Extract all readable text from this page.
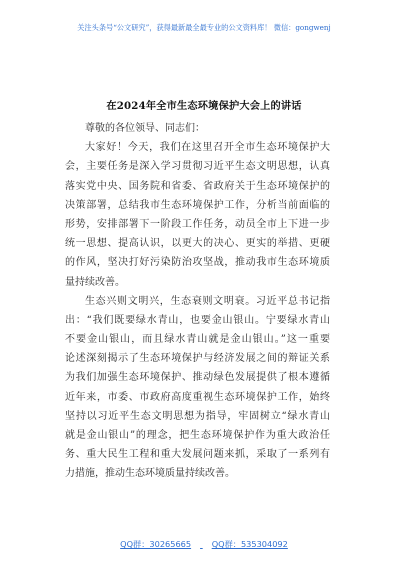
关注头条号“公文研究”，获得最新最全最专业的公文资料库！ 微信：gongwenj
在2024年全市生态环境保护大会上的讲话
尊敬的各位领导、同志们：
大家好！今天，我们在这里召开全市生态环境保护大
会，主要任务是深入学习贯彻习近平生态文明思想，认真
落实党中央、国务院和省委、省政府关于生态环境保护的
决策部署，总结我市生态环境保护工作，分析当前面临的
形势，安排部署下一阶段工作任务，动员全市上下进一步
统一思想、提高认识，以更大的决心、更实的举措、更硬
的作风，坚决打好污染防治攻坚战，推动我市生态环境质
量持续改善。
生态兴则文明兴，生态衰则文明衰。习近平总书记指
出：“我们既要绿水青山，也要金山银山。宁要绿水青山
不要金山银山，而且绿水青山就是金山银山。”这一重要
论述深刻揭示了生态环境保护与经济发展之间的辩证关系
为我们加强生态环境保护、推动绿色发展提供了根本遵循
近年来，市委、市政府高度重视生态环境保护工作，始终
坚持以习近平生态文明思想为指导，牢固树立“绿水青山
就是金山银山”的理念，把生态环境保护作为重大政治任
务、重大民生工程和重大发展问题来抓，采取了一系列有
力措施，推动生态环境质量持续改善。
QQ群：30265665	QQ群：535304092
